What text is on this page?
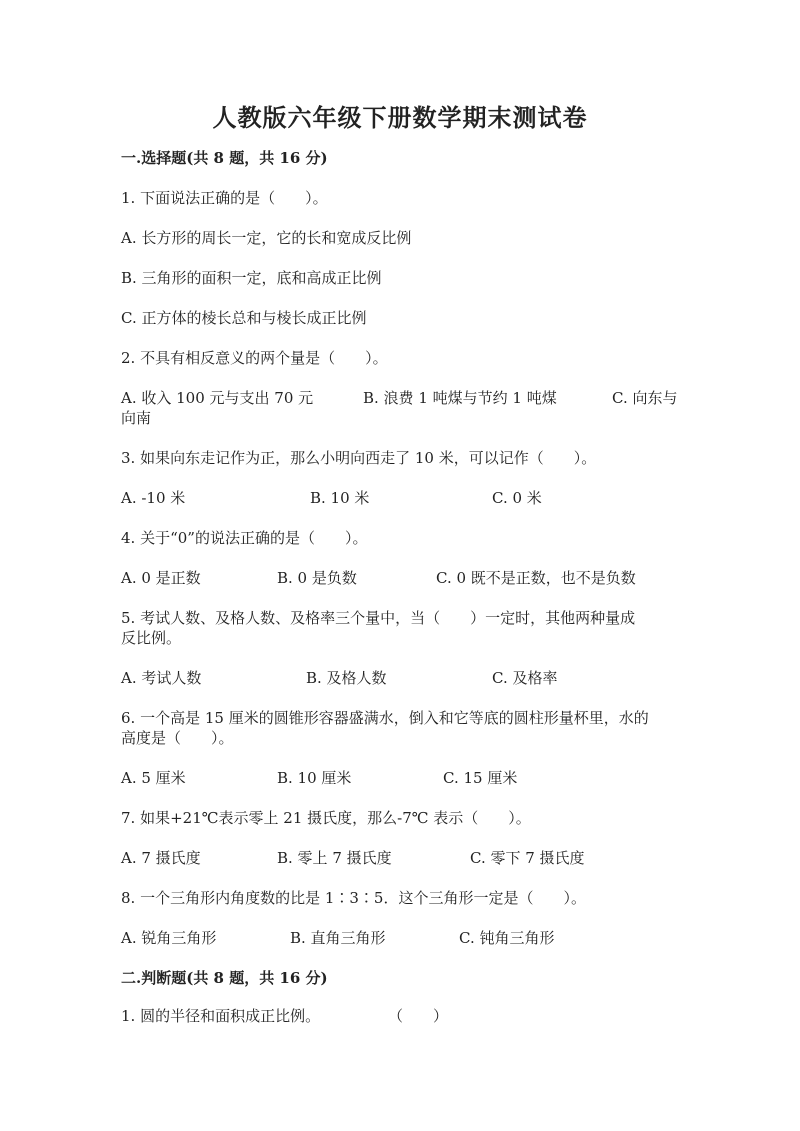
人教版六年级下册数学期末测试卷
一.选择题(共 8 题，共 16 分)
1. 下面说法正确的是（　　）。
A. 长方形的周长一定，它的长和宽成反比例
B. 三角形的面积一定，底和高成正比例
C. 正方体的棱长总和与棱长成正比例
2. 不具有相反意义的两个量是（　　）。
A. 收入 100 元与支出 70 元	B. 浪费 1 吨煤与节约 1 吨煤	C. 向东与
向南
3. 如果向东走记作为正，那么小明向西走了 10 米，可以记作（　　）。
A. -10 米	B. 10 米	C. 0 米
4. 关于“0”的说法正确的是（　　）。
A. 0 是正数	B. 0 是负数	C. 0 既不是正数，也不是负数
5. 考试人数、及格人数、及格率三个量中，当（　　）一定时，其他两种量成
反比例。
A. 考试人数	B. 及格人数	C. 及格率
6. 一个高是 15 厘米的圆锥形容器盛满水，倒入和它等底的圆柱形量杯里，水的
高度是（　　）。
A. 5 厘米	B. 10 厘米	C. 15 厘米
7. 如果+21℃表示零上 21 摄氏度，那么-7℃ 表示（　　）。
A. 7 摄氏度	B. 零上 7 摄氏度	C. 零下 7 摄氏度
8. 一个三角形内角度数的比是 1∶3∶5．这个三角形一定是（　　）。
A. 锐角三角形	B. 直角三角形	C. 钝角三角形
二.判断题(共 8 题，共 16 分)
1. 圆的半径和面积成正比例。	（　　）
